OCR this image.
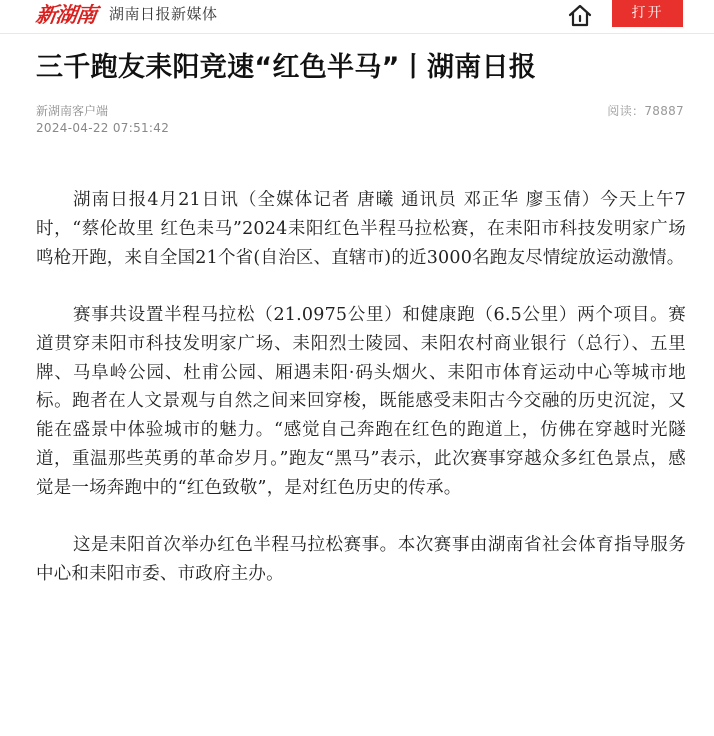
新湖南 湖南日报新媒体	打开
三千跑友耒阳竞速“红色半马”丨湖南日报
新湖南客户端
2024-04-22 07:51:42
阅读：78887

湖南日报4月21日讯（全媒体记者 唐曦 通讯员 邓正华 廖玉倩）今天上午7时，“蔡伦故里 红色耒马”2024耒阳红色半程马拉松赛，在耒阳市科技发明家广场鸣枪开跑，来自全国21个省(自治区、直辖市)的近3000名跑友尽情绽放运动激情。

赛事共设置半程马拉松（21.0975公里）和健康跑（6.5公里）两个项目。赛道贯穿耒阳市科技发明家广场、耒阳烈士陵园、耒阳农村商业银行（总行）、五里牌、马阜岭公园、杜甫公园、厢遇耒阳·码头烟火、耒阳市体育运动中心等城市地标。跑者在人文景观与自然之间来回穿梭，既能感受耒阳古今交融的历史沉淀，又能在盛景中体验城市的魅力。“感觉自己奔跑在红色的跑道上，仿佛在穿越时光隧道，重温那些英勇的革命岁月。”跑友“黑马”表示，此次赛事穿越众多红色景点，感觉是一场奔跑中的“红色致敬”，是对红色历史的传承。

这是耒阳首次举办红色半程马拉松赛事。本次赛事由湖南省社会体育指导服务中心和耒阳市委、市政府主办。
